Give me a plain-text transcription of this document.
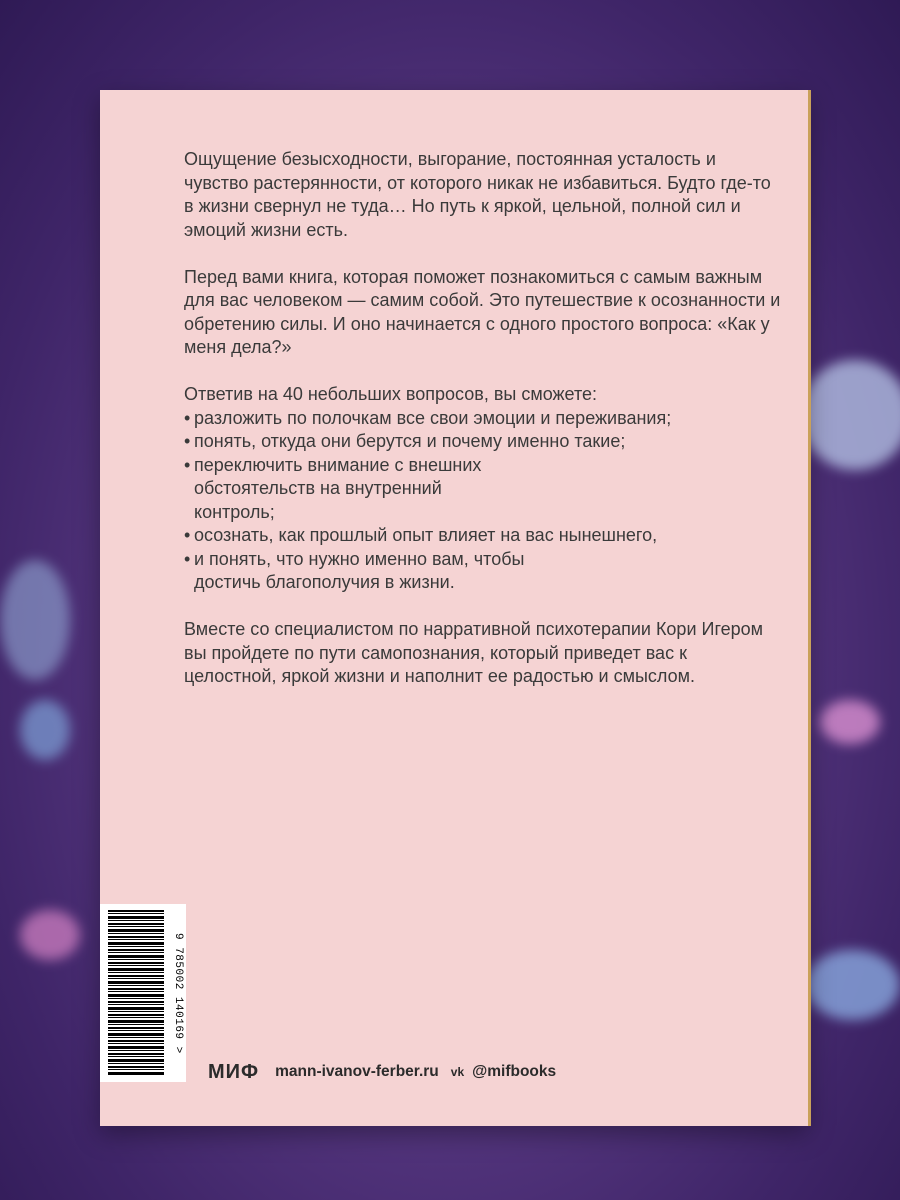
Ощущение безысходности, выгорание, постоянная усталость и чувство растерянности, от которого никак не избавиться. Будто где-то в жизни свернул не туда… Но путь к яркой, цельной, полной сил и эмоций жизни есть.

Перед вами книга, которая поможет познакомиться с самым важным для вас человеком — самим собой. Это путешествие к осознанности и обретению силы. И оно начинается с одного простого вопроса: «Как у меня дела?»

Ответив на 40 небольших вопросов, вы сможете:

• разложить по полочкам все свои эмоции и переживания;
• понять, откуда они берутся и почему именно такие;
• переключить внимание с внешних обстоятельств на внутренний контроль;
• осознать, как прошлый опыт влияет на вас нынешнего,
• и понять, что нужно именно вам, чтобы достичь благополучия в жизни.

Вместе со специалистом по нарративной психотерапии Кори Игером вы пройдете по пути самопознания, который приведет вас к целостной, яркой жизни и наполнит ее радостью и смыслом.

9 785002 140169 >
МИФ mann-ivanov-ferber.ru vk @mifbooks
